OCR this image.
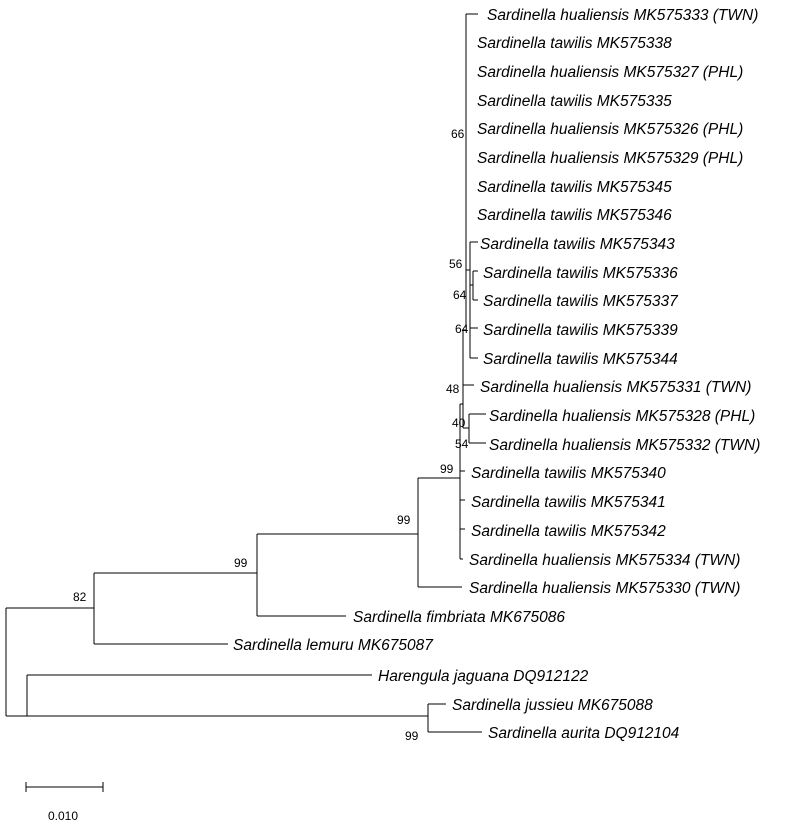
Sardinella hualiensis MK575333 (TWN)
Sardinella tawilis MK575338
Sardinella hualiensis MK575327 (PHL)
Sardinella tawilis MK575335
Sardinella hualiensis MK575326 (PHL)
Sardinella hualiensis MK575329 (PHL)
Sardinella tawilis MK575345
Sardinella tawilis MK575346
Sardinella tawilis MK575343
Sardinella tawilis MK575336
Sardinella tawilis MK575337
Sardinella tawilis MK575339
Sardinella tawilis MK575344
Sardinella hualiensis MK575331 (TWN)
Sardinella hualiensis MK575328 (PHL)
Sardinella hualiensis MK575332 (TWN)
Sardinella tawilis MK575340
Sardinella tawilis MK575341
Sardinella tawilis MK575342
Sardinella hualiensis MK575334 (TWN)
Sardinella hualiensis MK575330 (TWN)
Sardinella fimbriata MK675086
Sardinella lemuru MK675087
Harengula jaguana DQ912122
Sardinella jussieu MK675088
Sardinella aurita DQ912104
66
56
64
64
48
40
54
99
99
99
82
99
0.010
